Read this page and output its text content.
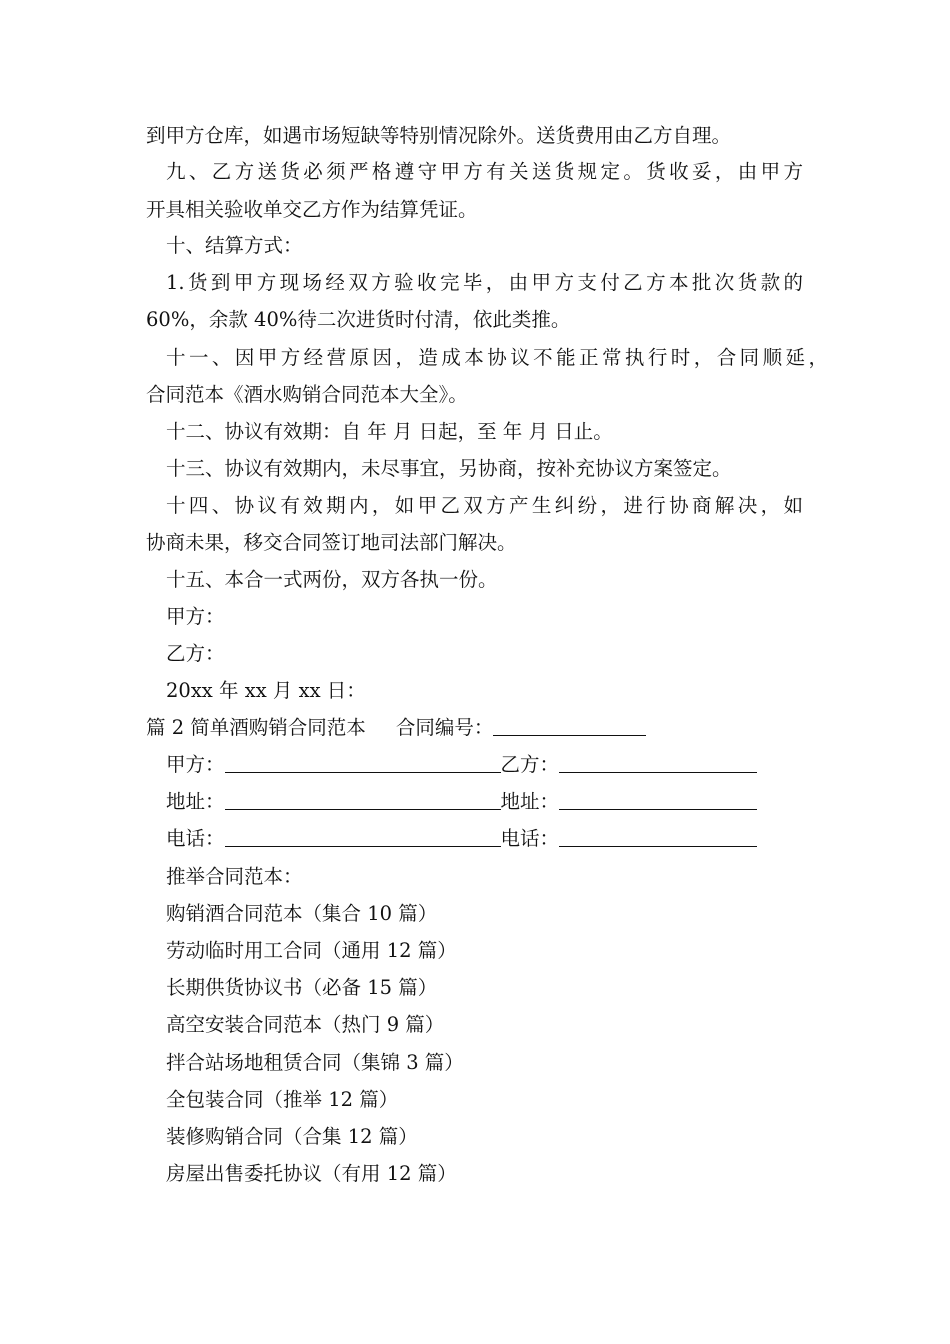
到甲方仓库，如遇市场短缺等特别情况除外。送货费用由乙方自理。
九、乙方送货必须严格遵守甲方有关送货规定。货收妥，由甲方
开具相关验收单交乙方作为结算凭证。
十、结算方式：
1.货到甲方现场经双方验收完毕，由甲方支付乙方本批次货款的
60%，余款 40%待二次进货时付清，依此类推。
十一、因甲方经营原因，造成本协议不能正常执行时，合同顺延，
合同范本《酒水购销合同范本大全》。
十二、协议有效期：自 年 月 日起，至 年 月 日止。
十三、协议有效期内，未尽事宜，另协商，按补充协议方案签定。
十四、协议有效期内，如甲乙双方产生纠纷，进行协商解决，如
协商未果，移交合同签订地司法部门解决。
十五、本合一式两份，双方各执一份。
甲方：
乙方：
20xx 年 xx 月 xx 日：
篇 2 简单酒购销合同范本 合同编号：
甲方：	乙方：
地址：	地址：
电话：	电话：
推举合同范本：
购销酒合同范本（集合 10 篇）
劳动临时用工合同（通用 12 篇）
长期供货协议书（必备 15 篇）
高空安装合同范本（热门 9 篇）
拌合站场地租赁合同（集锦 3 篇）
全包装合同（推举 12 篇）
装修购销合同（合集 12 篇）
房屋出售委托协议（有用 12 篇）
